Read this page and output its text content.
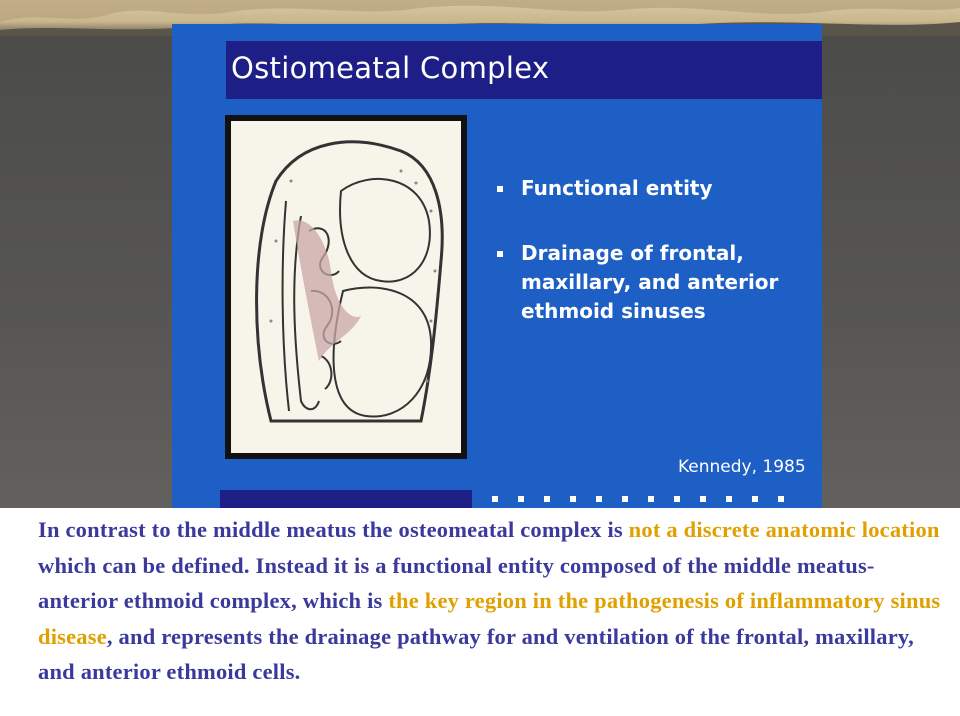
Ostiomeatal Complex
Functional entity
Drainage of frontal, maxillary, and anterior ethmoid sinuses
Kennedy, 1985
In contrast to the middle meatus the osteomeatal complex is not a discrete anatomic location which can be defined. Instead it is a functional entity composed of the middle meatus-anterior ethmoid complex, which is the key region in the pathogenesis of inflammatory sinus disease, and represents the drainage pathway for and ventilation of the frontal, maxillary, and anterior ethmoid cells.
